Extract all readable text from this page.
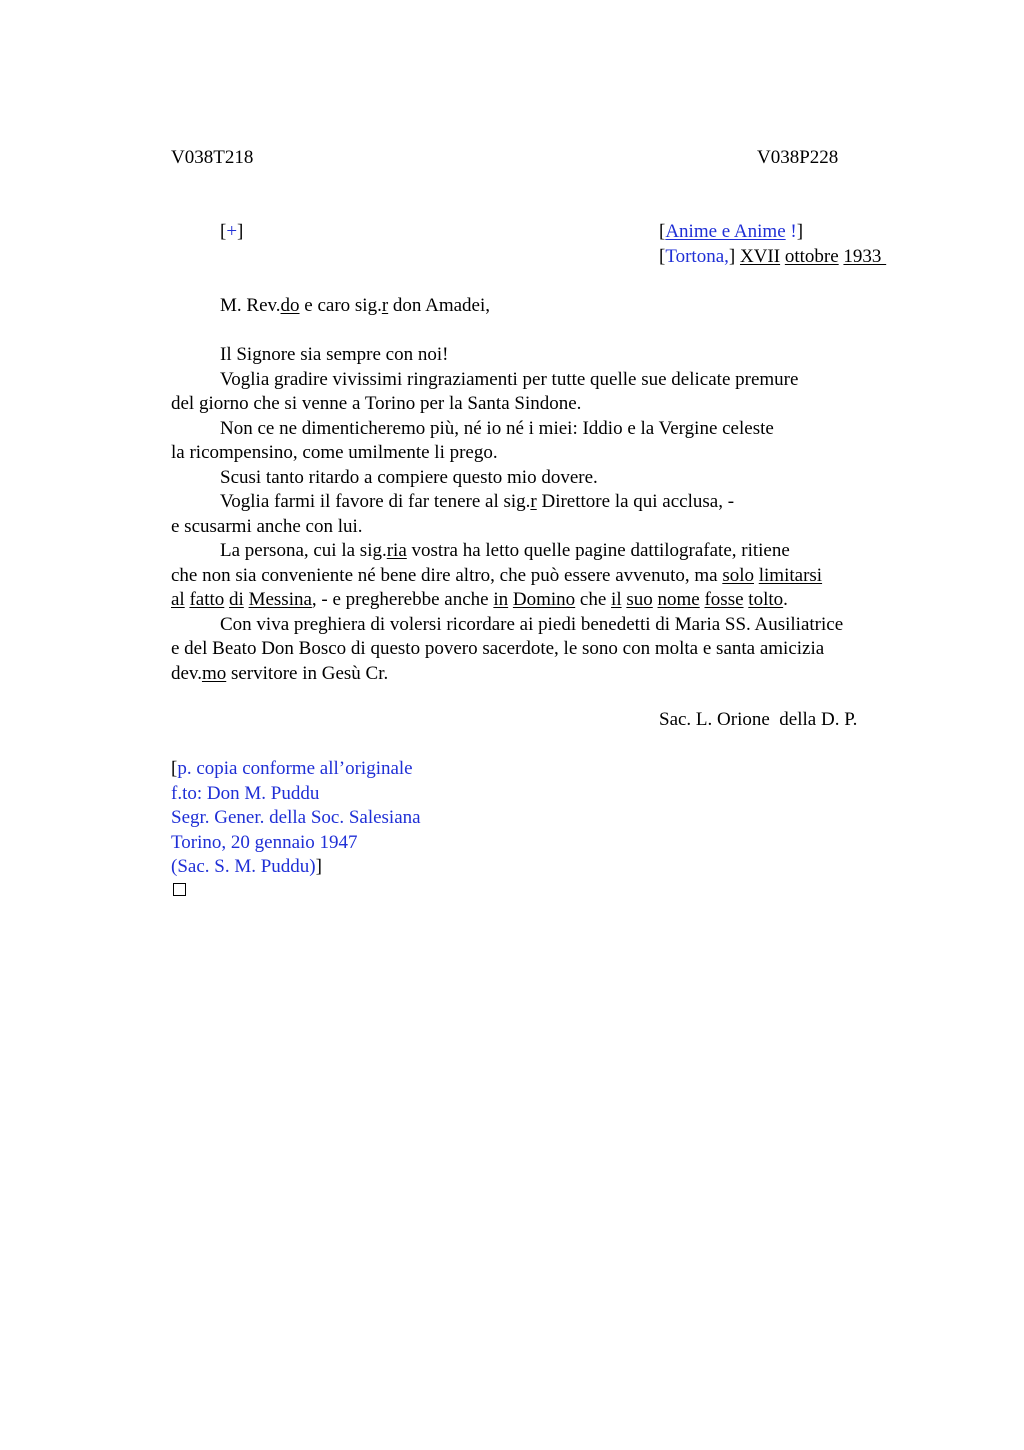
V038T218	V038P228
[+]	[Anime e Anime !]
[Tortona,] XVII ottobre 1933
M. Rev.do e caro sig.r don Amadei,
Il Signore sia sempre con noi!
Voglia gradire vivissimi ringraziamenti per tutte quelle sue delicate premure
del giorno che si venne a Torino per la Santa Sindone.
Non ce ne dimenticheremo più, né io né i miei: Iddio e la Vergine celeste
la ricompensino, come umilmente li prego.
Scusi tanto ritardo a compiere questo mio dovere.
Voglia farmi il favore di far tenere al sig.r Direttore la qui acclusa, -
e scusarmi anche con lui.
La persona, cui la sig.ria vostra ha letto quelle pagine dattilografate, ritiene
che non sia conveniente né bene dire altro, che può essere avvenuto, ma solo limitarsi
al fatto di Messina, - e pregherebbe anche in Domino che il suo nome fosse tolto.
Con viva preghiera di volersi ricordare ai piedi benedetti di Maria SS. Ausiliatrice
e del Beato Don Bosco di questo povero sacerdote, le sono con molta e santa amicizia
dev.mo servitore in Gesù Cr.
Sac. L. Orione  della D. P.
[p. copia conforme all’originale
f.to: Don M. Puddu
Segr. Gener. della Soc. Salesiana
Torino, 20 gennaio 1947
(Sac. S. M. Puddu)]
